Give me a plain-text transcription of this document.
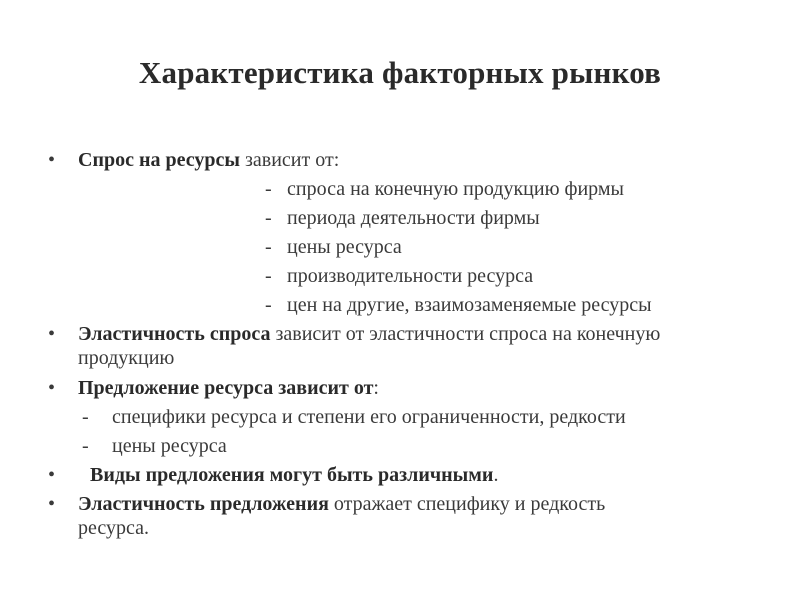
Характеристика факторных рынков
• Спрос на ресурсы зависит от:
- спроса на конечную продукцию фирмы
- периода деятельности фирмы
- цены ресурса
- производительности ресурса
- цен на другие, взаимозаменяемые ресурсы
• Эластичность спроса зависит от эластичности спроса на конечную
продукцию
• Предложение ресурса зависит от:
- специфики ресурса и степени его ограниченности, редкости
- цены ресурса
• Виды предложения могут быть различными.
• Эластичность предложения отражает специфику и редкость
ресурса.
